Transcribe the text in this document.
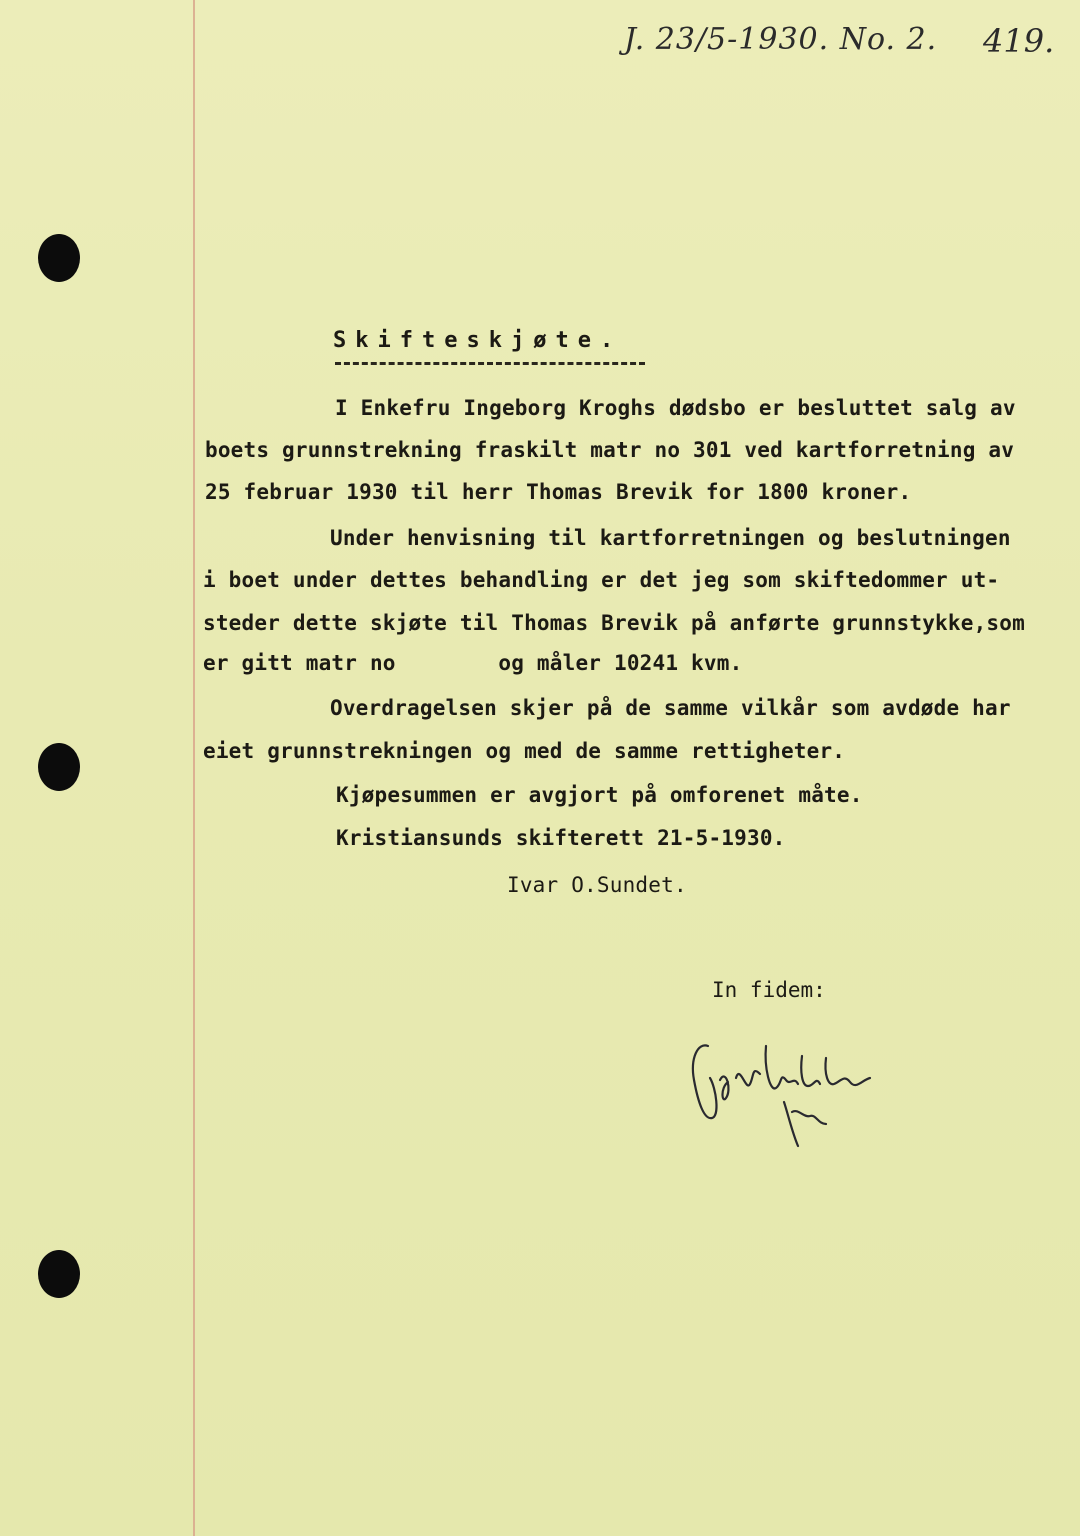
J. 23/5-1930. No. 2. 419.
Skifteskjøte.
I Enkefru Ingeborg Kroghs dødsbo er besluttet salg av
boets grunnstrekning fraskilt matr no 301 ved kartforretning av
25 februar 1930 til herr Thomas Brevik for 1800 kroner.
Under henvisning til kartforretningen og beslutningen
i boet under dettes behandling er det jeg som skiftedommer ut-
steder dette skjøte til Thomas Brevik på anførte grunnstykke,som
er gitt matr no        og måler 10241 kvm.
Overdragelsen skjer på de samme vilkår som avdøde har
eiet grunnstrekningen og med de samme rettigheter.
Kjøpesummen er avgjort på omforenet måte.
Kristiansunds skifterett 21-5-1930.
Ivar O.Sundet.
In fidem:
